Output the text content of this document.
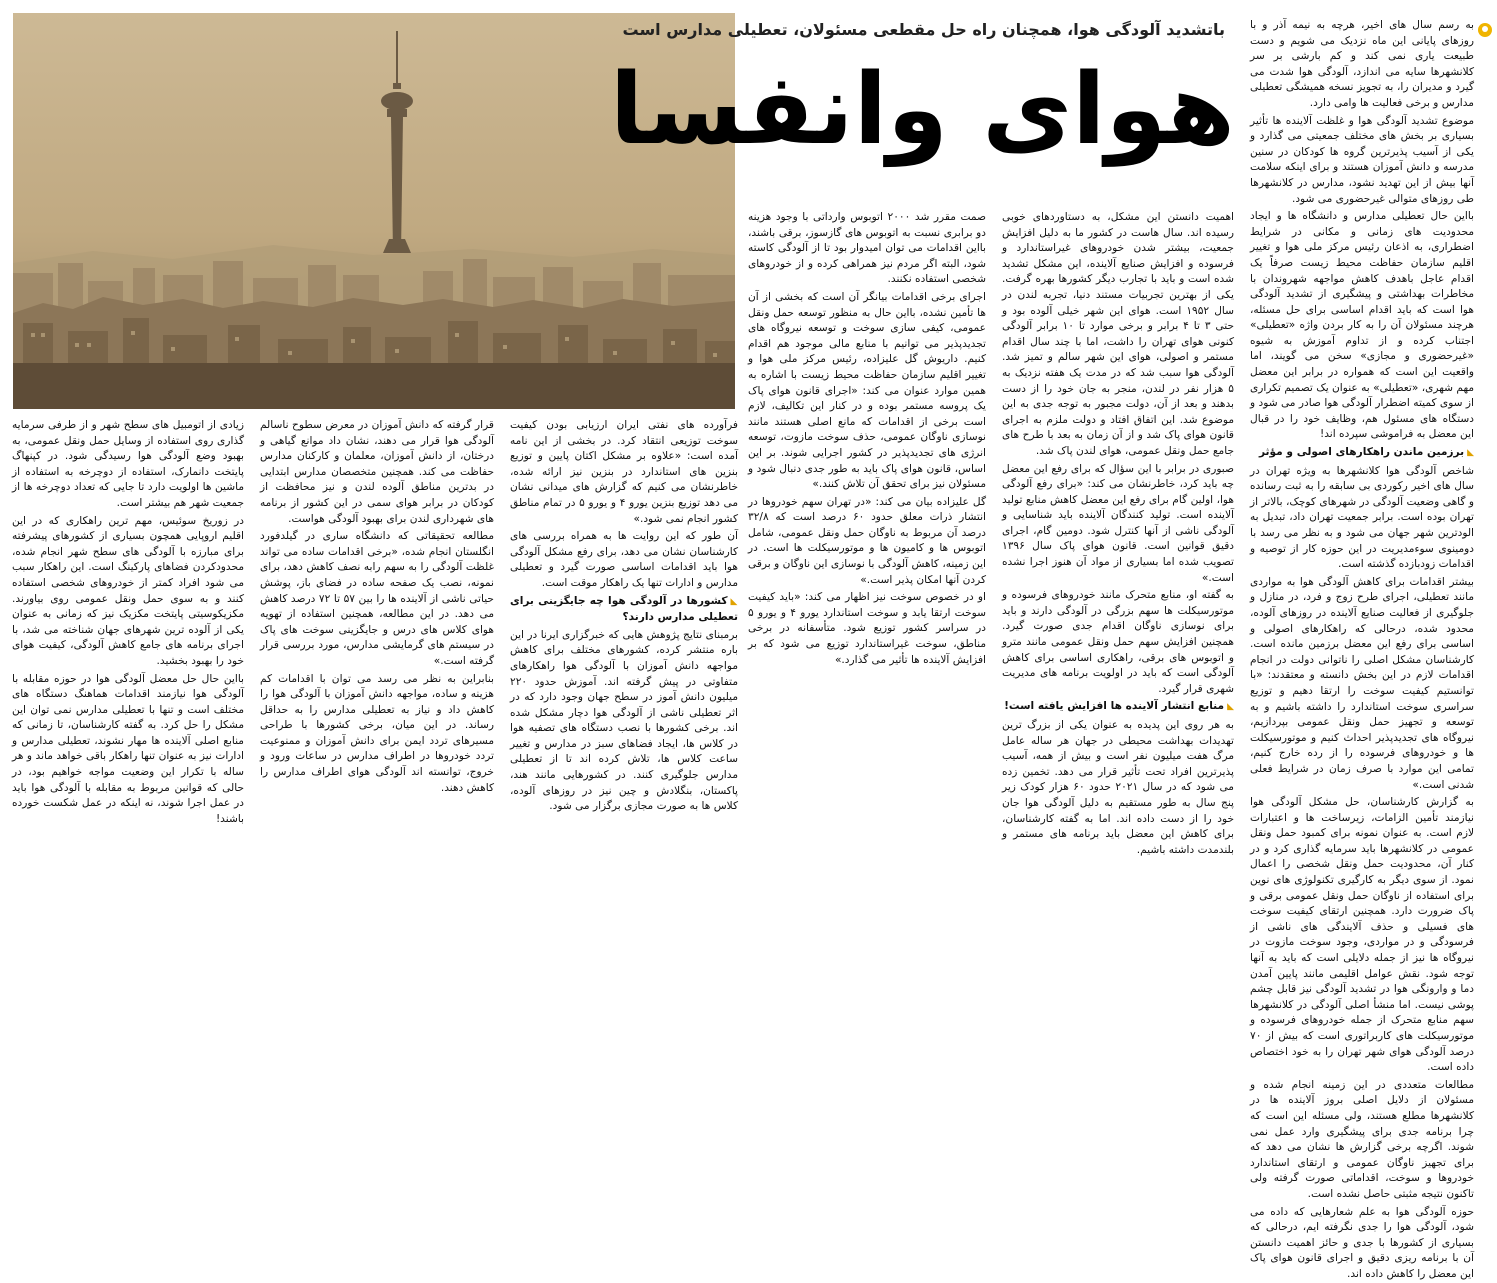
باتشدید آلودگی هوا، همچنان راه حل مقطعی مسئولان، تعطیلی مدارس است
هوای وانفسا

به رسم سال های اخیر، هرچه به نیمه آذر و با روزهای پایانی این ماه نزدیک می شویم و دست طبیعت یاری نمی کند و کم بارشی بر سر کلانشهرها سایه می اندازد، آلودگی هوا شدت می گیرد و مدیران را، به تجویز نسخه همیشگی تعطیلی مدارس و برخی فعالیت ها وامی دارد.

موضوع تشدید آلودگی هوا و غلظت آلاینده ها تأثیر بسیاری بر بخش های مختلف جمعیتی می گذارد و یکی از آسیب پذیرترین گروه ها کودکان در سنین مدرسه و دانش آموزان هستند و برای اینکه سلامت آنها بیش از این تهدید نشود، مدارس در کلانشهرها طی روزهای متوالی غیرحضوری می شود.

بااین حال تعطیلی مدارس و دانشگاه ها و ایجاد محدودیت های زمانی و مکانی در شرایط اضطراری، به اذعان رئیس مرکز ملی هوا و تغییر اقلیم سازمان حفاظت محیط زیست صرفاً یک اقدام عاجل باهدف کاهش مواجهه شهروندان با مخاطرات بهداشتی و پیشگیری از تشدید آلودگی هوا است که باید اقدام اساسی برای حل مسئله، هرچند مسئولان آن را به کار بردن واژه «تعطیلی» اجتناب کرده و از تداوم آموزش به شیوه «غیرحضوری و مجازی» سخن می گویند، اما واقعیت این است که همواره در برابر این معضل مهم شهری، «تعطیلی» به عنوان یک تصمیم تکراری از سوی کمیته اضطرار آلودگی هوا صادر می شود و دستگاه های مسئول هم، وظایف خود را در قبال این معضل به فراموشی سپرده اند!

◣ برزمین ماندن راهکارهای اصولی و مؤثر

شاخص آلودگی هوا کلانشهرها به ویژه تهران در سال های اخیر رکوردی بی سابقه را به ثبت رسانده و گاهی وضعیت آلودگی در شهرهای کوچک، بالاتر از تهران بوده است. برابر جمعیت تهران داد، تبدیل به الودترین شهر جهان می شود و به نظر می رسد با دومینوی سوءمدیریت در این حوزه کار از توصیه و اقدامات زودبازده گذشته است.

بیشتر اقدامات برای کاهش آلودگی هوا به مواردی مانند تعطیلی، اجرای طرح زوج و فرد، در منازل و جلوگیری از فعالیت صنایع آلاینده در روزهای آلوده، محدود شده، درحالی که راهکارهای اصولی و اساسی برای رفع این معضل برزمین مانده است. کارشناسان مشکل اصلی را ناتوانی دولت در انجام اقدامات لازم در این بخش دانسته و معتقدند: «با توانستیم کیفیت سوخت را ارتقا دهیم و توزیع سراسری سوخت استاندارد را داشته باشیم و به توسعه و تجهیز حمل ونقل عمومی بپردازیم، نیروگاه های تجدیدپذیر احداث کنیم و موتورسیکلت ها و خودروهای فرسوده را از رده خارج کنیم، تمامی این موارد با صرف زمان در شرایط فعلی شدنی است.»

به گزارش کارشناسان، حل مشکل آلودگی هوا نیازمند تأمین الزامات، زیرساخت ها و اعتبارات لازم است. به عنوان نمونه برای کمبود حمل ونقل عمومی در کلانشهرها باید سرمایه گذاری کرد و در کنار آن، محدودیت حمل ونقل شخصی را اعمال نمود. از سوی دیگر به کارگیری تکنولوژی های نوین برای استفاده از ناوگان حمل ونقل عمومی برقی و پاک ضرورت دارد. همچنین ارتقای کیفیت سوخت های فسیلی و حذف آلایندگی های ناشی از فرسودگی و در مواردی، وجود سوخت مازوت در نیروگاه ها نیز از جمله دلایلی است که باید به آنها توجه شود. نقش عوامل اقلیمی مانند پایین آمدن دما و وارونگی هوا در تشدید آلودگی نیز قابل چشم پوشی نیست. اما منشأ اصلی آلودگی در کلانشهرها سهم منابع متحرک از جمله خودروهای فرسوده و موتورسیکلت های کاربراتوری است که بیش از ۷۰ درصد آلودگی هوای شهر تهران را به خود اختصاص داده است.

مطالعات متعددی در این زمینه انجام شده و مسئولان از دلایل اصلی بروز آلاینده ها در کلانشهرها مطلع هستند، ولی مسئله این است که چرا برنامه جدی برای پیشگیری وارد عمل نمی شوند. اگرچه برخی گزارش ها نشان می دهد که برای تجهیز ناوگان عمومی و ارتقای استاندارد خودروها و سوخت، اقداماتی صورت گرفته ولی تاکنون نتیجه مثبتی حاصل نشده است.

حوزه آلودگی هوا به علم شعارهایی که داده می شود، آلودگی هوا را جدی نگرفته ایم، درحالی که بسیاری از کشورها با جدی و حائز اهمیت دانستن آن با برنامه ریزی دقیق و اجرای قانون هوای پاک این معضل را کاهش داده اند.

اهمیت دانستن این مشکل، به دستاوردهای خوبی رسیده اند. سال هاست در کشور ما به دلیل افزایش جمعیت، بیشتر شدن خودروهای غیراستاندارد و فرسوده و افزایش صنایع آلاینده، این مشکل تشدید شده است و باید با تجارب دیگر کشورها بهره گرفت. یکی از بهترین تجربیات مستند دنیا، تجربه لندن در سال ۱۹۵۲ است. هوای این شهر خیلی آلوده بود و حتی ۳ تا ۴ برابر و برخی موارد تا ۱۰ برابر آلودگی کنونی هوای تهران را داشت، اما با چند سال اقدام مستمر و اصولی، هوای این شهر سالم و تمیز شد. آلودگی هوا سبب شد که در مدت یک هفته نزدیک به ۵ هزار نفر در لندن، منجر به جان خود را از دست بدهند و بعد از آن، دولت مجبور به توجه جدی به این موضوع شد. این اتفاق افتاد و دولت ملزم به اجرای قانون هوای پاک شد و از آن زمان به بعد با طرح های جامع حمل ونقل عمومی، هوای لندن پاک شد.

صبوری در برابر با این سؤال که برای رفع این معضل چه باید کرد، خاطرنشان می کند: «برای رفع آلودگی هوا، اولین گام برای رفع این معضل کاهش منابع تولید آلاینده است. تولید کنندگان آلاینده باید شناسایی و آلودگی ناشی از آنها کنترل شود. دومین گام، اجرای دقیق قوانین است. قانون هوای پاک سال ۱۳۹۶ تصویب شده اما بسیاری از مواد آن هنوز اجرا نشده است.»

به گفته او، منابع متحرک مانند خودروهای فرسوده و موتورسیکلت ها سهم بزرگی در آلودگی دارند و باید برای نوسازی ناوگان اقدام جدی صورت گیرد. همچنین افزایش سهم حمل ونقل عمومی مانند مترو و اتوبوس های برقی، راهکاری اساسی برای کاهش آلودگی است که باید در اولویت برنامه های مدیریت شهری قرار گیرد.

◣ منابع انتشار آلاینده ها افزایش یافته است!

به هر روی این پدیده به عنوان یکی از بزرگ ترین تهدیدات بهداشت محیطی در جهان هر ساله عامل مرگ هفت میلیون نفر است و بیش از همه، آسیب پذیرترین افراد تحت تأثیر قرار می دهد. تخمین زده می شود که در سال ۲۰۲۱ حدود ۶۰ هزار کودک زیر پنج سال به طور مستقیم به دلیل آلودگی هوا جان خود را از دست داده اند. اما به گفته کارشناسان، برای کاهش این معضل باید برنامه های مستمر و بلندمدت داشته باشیم.

صمت مقرر شد ۲۰۰۰ اتوبوس وارداتی با وجود هزینه دو برابری نسبت به اتوبوس های گازسوز، برقی باشند، بااین اقدامات می توان امیدوار بود تا از آلودگی کاسته شود، البته اگر مردم نیز همراهی کرده و از خودروهای شخصی استفاده نکنند.

اجرای برخی اقدامات بیانگر آن است که بخشی از آن ها تأمین نشده، بااین حال به منظور توسعه حمل ونقل عمومی، کیفی سازی سوخت و توسعه نیروگاه های تجدیدپذیر می توانیم با منابع مالی موجود هم اقدام کنیم. داریوش گل علیزاده، رئیس مرکز ملی هوا و تغییر اقلیم سازمان حفاظت محیط زیست با اشاره به همین موارد عنوان می کند: «اجرای قانون هوای پاک یک پروسه مستمر بوده و در کنار این تکالیف، لازم است برخی از اقدامات که مانع اصلی هستند مانند نوسازی ناوگان عمومی، حذف سوخت مازوت، توسعه انرژی های تجدیدپذیر در کشور اجرایی شوند. بر این اساس، قانون هوای پاک باید به طور جدی دنبال شود و مسئولان نیز برای تحقق آن تلاش کنند.»

گل علیزاده بیان می کند: «در تهران سهم خودروها در انتشار ذرات معلق حدود ۶۰ درصد است که ۳۲/۸ درصد آن مربوط به ناوگان حمل ونقل عمومی، شامل اتوبوس ها و کامیون ها و موتورسیکلت ها است. در این زمینه، کاهش آلودگی با نوسازی این ناوگان و برقی کردن آنها امکان پذیر است.»

او در خصوص سوخت نیز اظهار می کند: «باید کیفیت سوخت ارتقا یابد و سوخت استاندارد یورو ۴ و یورو ۵ در سراسر کشور توزیع شود. متأسفانه در برخی مناطق، سوخت غیراستاندارد توزیع می شود که بر افزایش آلاینده ها تأثیر می گذارد.»

فرآورده های نفتی ایران ارزیابی بودن کیفیت سوخت توزیعی انتقاد کرد. در بخشی از این نامه آمده است: «علاوه بر مشکل اکتان پایین و توزیع بنزین های استاندارد در بنزین نیز ارائه شده، خاطرنشان می کنیم که گزارش های میدانی نشان می دهد توزیع بنزین یورو ۴ و یورو ۵ در تمام مناطق کشور انجام نمی شود.»

آن طور که این روایت ها به همراه بررسی های کارشناسان نشان می دهد، برای رفع مشکل آلودگی هوا باید اقدامات اساسی صورت گیرد و تعطیلی مدارس و ادارات تنها یک راهکار موقت است.

◣ کشورها در آلودگی هوا چه جایگزینی برای تعطیلی مدارس دارند؟

برمبنای نتایج پژوهش هایی که خبرگزاری ایرنا در این باره منتشر کرده، کشورهای مختلف برای کاهش مواجهه دانش آموزان با آلودگی هوا راهکارهای متفاوتی در پیش گرفته اند. آموزش حدود ۲۲۰ میلیون دانش آموز در سطح جهان وجود دارد که در اثر تعطیلی ناشی از آلودگی هوا دچار مشکل شده اند. برخی کشورها با نصب دستگاه های تصفیه هوا در کلاس ها، ایجاد فضاهای سبز در مدارس و تغییر ساعت کلاس ها، تلاش کرده اند تا از تعطیلی مدارس جلوگیری کنند. در کشورهایی مانند هند، پاکستان، بنگلادش و چین نیز در روزهای آلوده، کلاس ها به صورت مجازی برگزار می شود.

قرار گرفته که دانش آموزان در معرض سطوح ناسالم آلودگی هوا قرار می دهند، نشان داد موانع گیاهی و درختان، از دانش آموزان، معلمان و کارکنان مدارس حفاظت می کند. همچنین متخصصان مدارس ابتدایی در بدترین مناطق آلوده لندن و نیز محافظت از کودکان در برابر هوای سمی در این کشور از برنامه های شهرداری لندن برای بهبود آلودگی هواست.

مطالعه تحقیقاتی که دانشگاه ساری در گیلدفورد انگلستان انجام شده، «برخی اقدامات ساده می تواند غلظت آلودگی را به سهم رابه نصف کاهش دهد، برای نمونه، نصب یک صفحه ساده در فضای باز، پوشش حیاتی ناشی از آلاینده ها را بین ۵۷ تا ۷۲ درصد کاهش می دهد. در این مطالعه، همچنین استفاده از تهویه هوای کلاس های درس و جایگزینی سوخت های پاک در سیستم های گرمایشی مدارس، مورد بررسی قرار گرفته است.»

بنابراین به نظر می رسد می توان با اقدامات کم هزینه و ساده، مواجهه دانش آموزان با آلودگی هوا را کاهش داد و نیاز به تعطیلی مدارس را به حداقل رساند. در این میان، برخی کشورها با طراحی مسیرهای تردد ایمن برای دانش آموزان و ممنوعیت تردد خودروها در اطراف مدارس در ساعات ورود و خروج، توانسته اند آلودگی هوای اطراف مدارس را کاهش دهند.

زیادی از اتومبیل های سطح شهر و از طرفی سرمایه گذاری روی استفاده از وسایل حمل ونقل عمومی، به بهبود وضع آلودگی هوا رسیدگی شود. در کپنهاگ پایتخت دانمارک، استفاده از دوچرخه به استفاده از ماشین ها اولویت دارد تا جایی که تعداد دوچرخه ها از جمعیت شهر هم بیشتر است.

در زوریخ سوئیس، مهم ترین راهکاری که در این اقلیم اروپایی همچون بسیاری از کشورهای پیشرفته برای مبارزه با آلودگی های سطح شهر انجام شده، محدودکردن فضاهای پارکینگ است. این راهکار سبب می شود افراد کمتر از خودروهای شخصی استفاده کنند و به سوی حمل ونقل عمومی روی بیاورند. مکزیکوسیتی پایتخت مکزیک نیز که زمانی به عنوان یکی از آلوده ترین شهرهای جهان شناخته می شد، با اجرای برنامه های جامع کاهش آلودگی، کیفیت هوای خود را بهبود بخشید.

بااین حال حل معضل آلودگی هوا در حوزه مقابله با آلودگی هوا نیازمند اقدامات هماهنگ دستگاه های مختلف است و تنها با تعطیلی مدارس نمی توان این مشکل را حل کرد. به گفته کارشناسان، تا زمانی که منابع اصلی آلاینده ها مهار نشوند، تعطیلی مدارس و ادارات نیز به عنوان تنها راهکار باقی خواهد ماند و هر ساله با تکرار این وضعیت مواجه خواهیم بود، در حالی که قوانین مربوط به مقابله با آلودگی هوا باید در عمل اجرا شوند، نه اینکه در عمل شکست خورده باشند!
